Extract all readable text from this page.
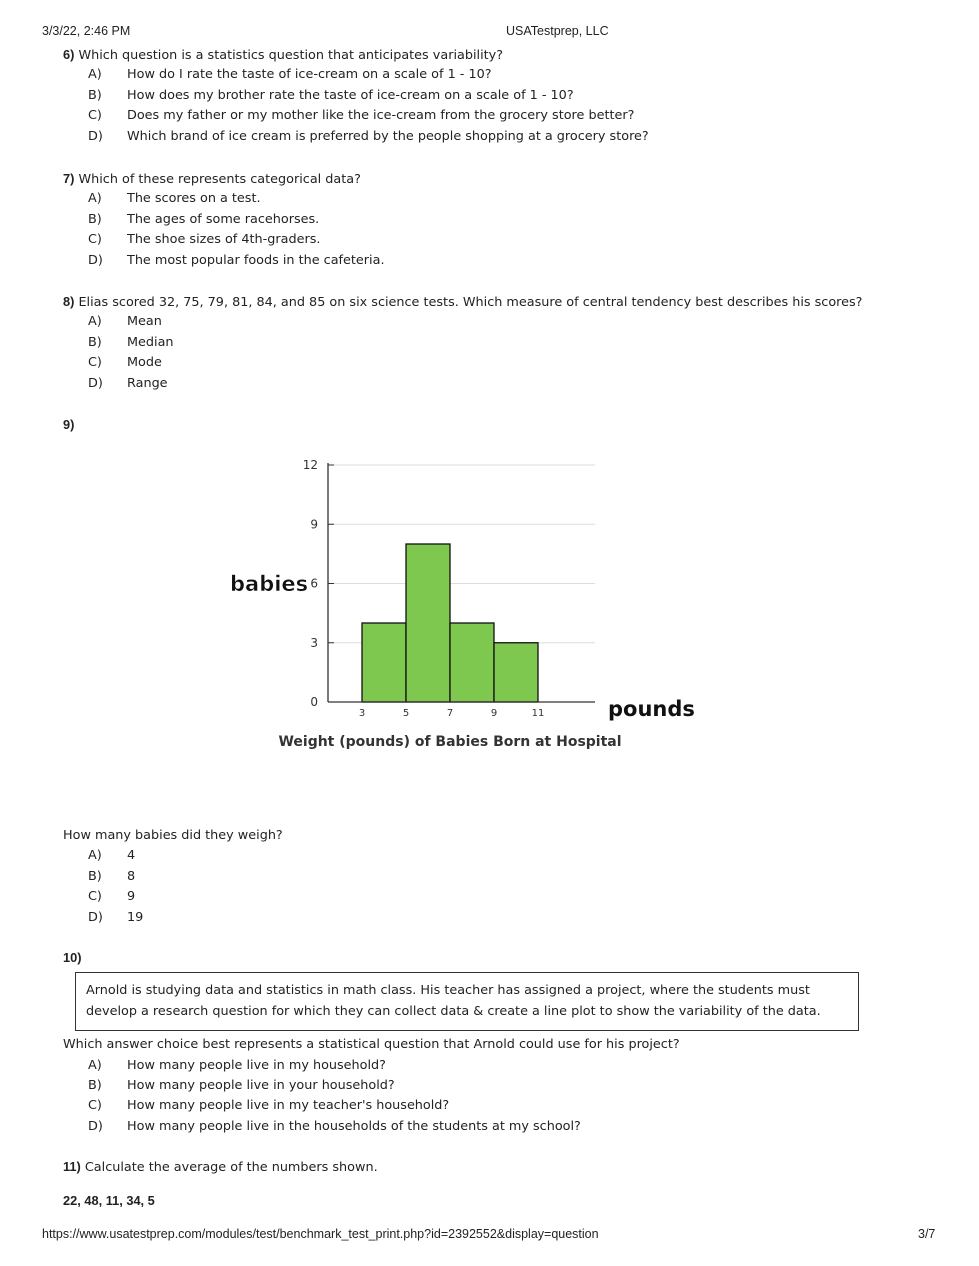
3/3/22, 2:46 PM	USATestprep, LLC
6) Which question is a statistics question that anticipates variability?
A) How do I rate the taste of ice-cream on a scale of 1 - 10?
B) How does my brother rate the taste of ice-cream on a scale of 1 - 10?
C) Does my father or my mother like the ice-cream from the grocery store better?
D) Which brand of ice cream is preferred by the people shopping at a grocery store?
7) Which of these represents categorical data?
A) The scores on a test.
B) The ages of some racehorses.
C) The shoe sizes of 4th-graders.
D) The most popular foods in the cafeteria.
8) Elias scored 32, 75, 79, 81, 84, and 85 on six science tests. Which measure of central tendency best describes his scores?
A) Mean
B) Median
C) Mode
D) Range
9)
0
3
6
9
12
3	5	7	9	11
Weight (pounds) of Babies Born at Hospital
babies
pounds
How many babies did they weigh?
A) 4
B) 8
C) 9
D) 19
10)
Arnold is studying data and statistics in math class. His teacher has assigned a project, where the students must develop a research question for which they can collect data & create a line plot to show the variability of the data.
Which answer choice best represents a statistical question that Arnold could use for his project?
A) How many people live in my household?
B) How many people live in your household?
C) How many people live in my teacher's household?
D) How many people live in the households of the students at my school?
11) Calculate the average of the numbers shown.
22, 48, 11, 34, 5
https://www.usatestprep.com/modules/test/benchmark_test_print.php?id=2392552&display=question	3/7
